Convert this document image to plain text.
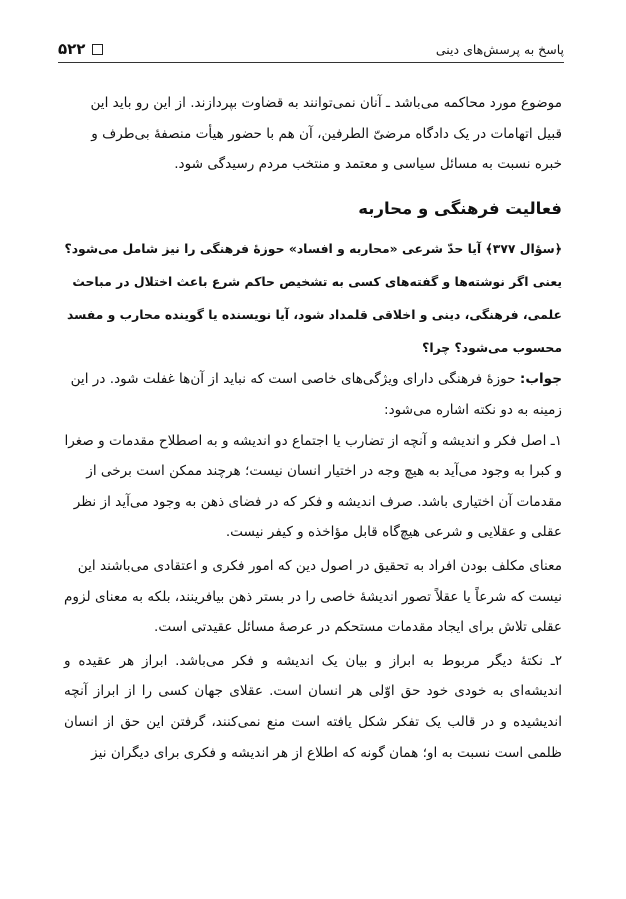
پاسخ به پرسش‌های دینی
۵۲۲

موضوع مورد محاکمه می‌باشد ـ آنان نمی‌توانند به قضاوت بپردازند. از این رو باید این قبیل اتهامات در یک دادگاه مرضیّ الطرفین، آن هم با حضور هیأت منصفهٔ بی‌طرف و خبره نسبت به مسائل سیاسی و معتمد و منتخب مردم رسیدگی شود.

فعالیت فرهنگی و محاربه

﴿سؤال ۳۷۷﴾ آیا حدّ شرعی «محاربه و افساد» حوزهٔ فرهنگی را نیز شامل می‌شود؟ یعنی اگر نوشته‌ها و گفته‌های کسی به تشخیص حاکم شرع باعث اختلال در مباحث علمی، فرهنگی، دینی و اخلاقی قلمداد شود، آیا نویسنده یا گوینده محارب و مفسد محسوب می‌شود؟ چرا؟

جواب: حوزهٔ فرهنگی دارای ویژگی‌های خاصی است که نباید از آن‌ها غفلت شود. در این زمینه به دو نکته اشاره می‌شود:

۱ـ اصل فکر و اندیشه و آنچه از تضارب یا اجتماع دو اندیشه و به اصطلاح مقدمات و صغرا و کبرا به وجود می‌آید به هیچ وجه در اختیار انسان نیست؛ هرچند ممکن است برخی از مقدمات آن اختیاری باشد. صرف اندیشه و فکر که در فضای ذهن به وجود می‌آید از نظر عقلی و عقلایی و شرعی هیچ‌گاه قابل مؤاخذه و کیفر نیست.

معنای مکلف بودن افراد به تحقیق در اصول دین که امور فکری و اعتقادی می‌باشند این نیست که شرعاً یا عقلاً تصور اندیشهٔ خاصی را در بستر ذهن بیافرینند، بلکه به معنای لزوم عقلی تلاش برای ایجاد مقدمات مستحکم در عرصهٔ مسائل عقیدتی است.

۲ـ نکتهٔ دیگر مربوط به ابراز و بیان یک اندیشه و فکر می‌باشد. ابراز هر عقیده و اندیشه‌ای به خودی خود حق اوّلی هر انسان است. عقلای جهان کسی را از ابراز آنچه اندیشیده و در قالب یک تفکر شکل یافته است منع نمی‌کنند، گرفتن این حق از انسان ظلمی است نسبت به او؛ همان گونه که اطلاع از هر اندیشه و فکری برای دیگران نیز
